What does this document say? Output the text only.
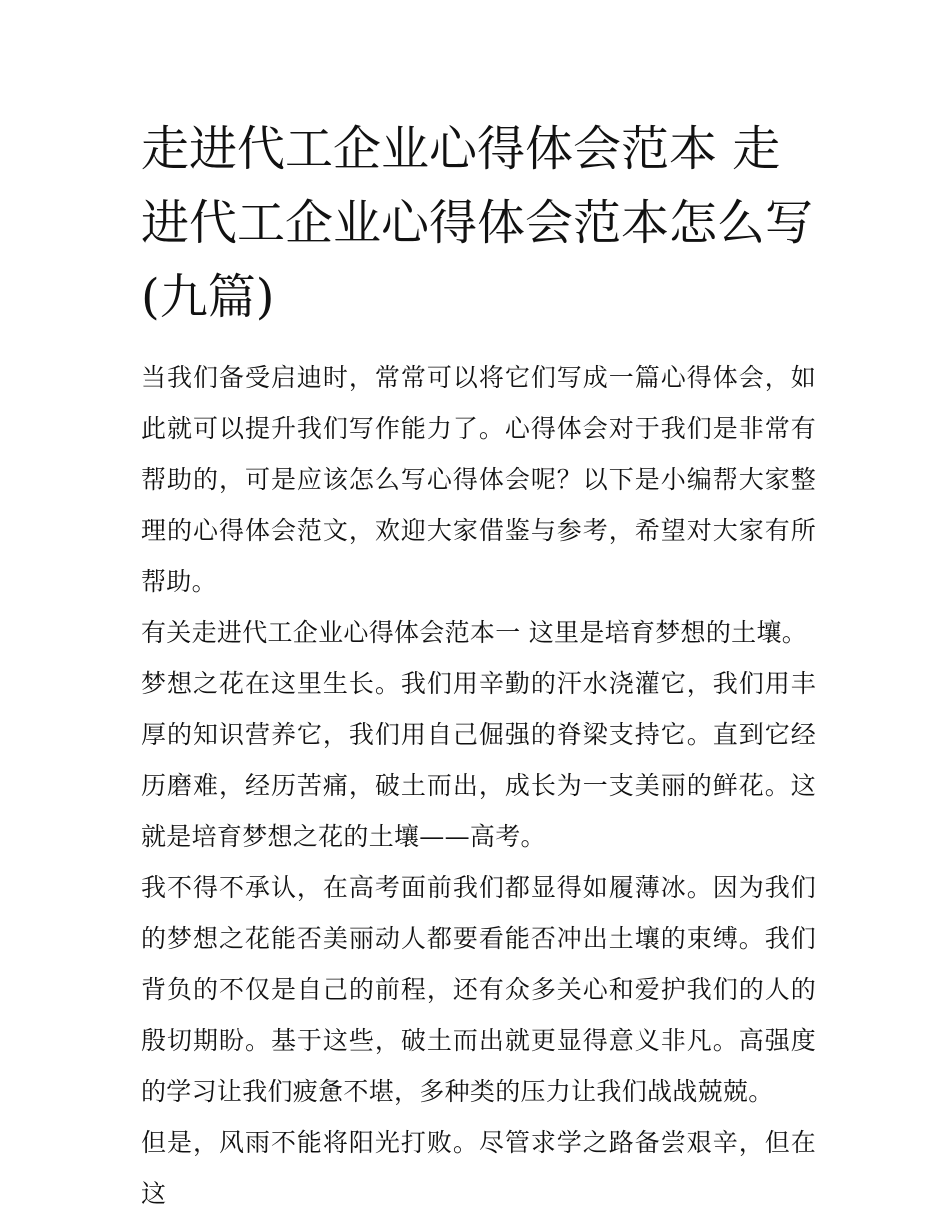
走进代工企业心得体会范本 走进代工企业心得体会范本怎么写(九篇)

当我们备受启迪时，常常可以将它们写成一篇心得体会，如此就可以提升我们写作能力了。心得体会对于我们是非常有帮助的，可是应该怎么写心得体会呢？以下是小编帮大家整理的心得体会范文，欢迎大家借鉴与参考，希望对大家有所帮助。

有关走进代工企业心得体会范本一 这里是培育梦想的土壤。

梦想之花在这里生长。我们用辛勤的汗水浇灌它，我们用丰厚的知识营养它，我们用自己倔强的脊梁支持它。直到它经历磨难，经历苦痛，破土而出，成长为一支美丽的鲜花。这就是培育梦想之花的土壤——高考。

我不得不承认，在高考面前我们都显得如履薄冰。因为我们的梦想之花能否美丽动人都要看能否冲出土壤的束缚。我们背负的不仅是自己的前程，还有众多关心和爱护我们的人的殷切期盼。基于这些，破土而出就更显得意义非凡。高强度的学习让我们疲惫不堪，多种类的压力让我们战战兢兢。

但是，风雨不能将阳光打败。尽管求学之路备尝艰辛，但在这
